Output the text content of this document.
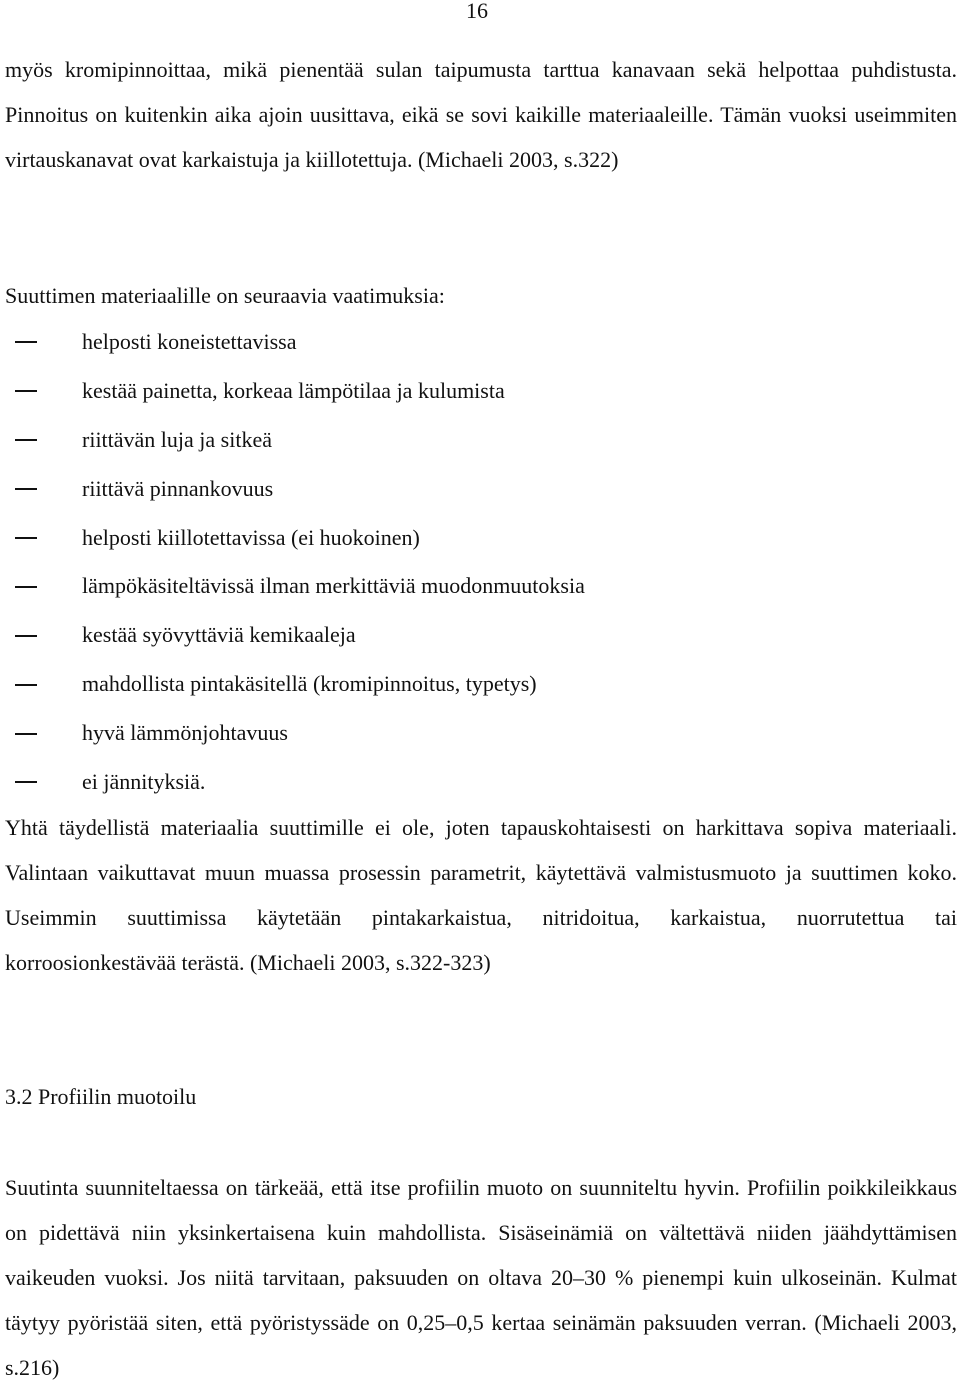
16

myös kromipinnoittaa, mikä pienentää sulan taipumusta tarttua kanavaan sekä helpottaa puhdistusta. Pinnoitus on kuitenkin aika ajoin uusittava, eikä se sovi kaikille materiaaleille. Tämän vuoksi useimmiten virtauskanavat ovat karkaistuja ja kiillotettuja. (Michaeli 2003, s.322)

Suuttimen materiaalille on seuraavia vaatimuksia:

helposti koneistettavissa
kestää painetta, korkeaa lämpötilaa ja kulumista
riittävän luja ja sitkeä
riittävä pinnankovuus
helposti kiillotettavissa (ei huokoinen)
lämpökäsiteltävissä ilman merkittäviä muodonmuutoksia
kestää syövyttäviä kemikaaleja
mahdollista pintakäsitellä (kromipinnoitus, typetys)
hyvä lämmönjohtavuus
ei jännityksiä.

Yhtä täydellistä materiaalia suuttimille ei ole, joten tapauskohtaisesti on harkittava sopiva materiaali. Valintaan vaikuttavat muun muassa prosessin parametrit, käytettävä valmistusmuoto ja suuttimen koko. Useimmin suuttimissa käytetään pintakarkaistua, nitridoitua, karkaistua, nuorrutettua tai korroosionkestävää terästä. (Michaeli 2003, s.322-323)

3.2 Profiilin muotoilu

Suutinta suunniteltaessa on tärkeää, että itse profiilin muoto on suunniteltu hyvin. Profiilin poikkileikkaus on pidettävä niin yksinkertaisena kuin mahdollista. Sisäseinämiä on vältettävä niiden jäähdyttämisen vaikeuden vuoksi. Jos niitä tarvitaan, paksuuden on oltava 20–30 % pienempi kuin ulkoseinän. Kulmat täytyy pyöristää siten, että pyöristyssäde on 0,25–0,5 kertaa seinämän paksuuden verran. (Michaeli 2003, s.216)
